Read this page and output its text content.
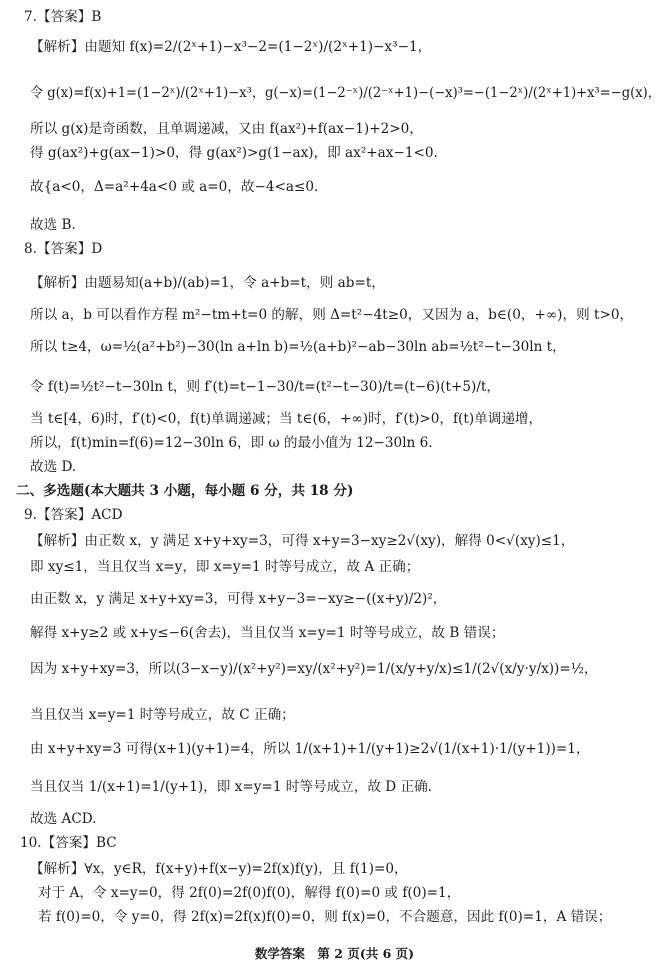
7.【答案】B
【解析】由题知 f(x)=2/(2ˣ+1)−x³−2=(1−2ˣ)/(2ˣ+1)−x³−1，
令 g(x)=f(x)+1=(1−2ˣ)/(2ˣ+1)−x³，g(−x)=(1−2⁻ˣ)/(2⁻ˣ+1)−(−x)³=−(1−2ˣ)/(2ˣ+1)+x³=−g(x)，
所以 g(x)是奇函数，且单调递减，又由 f(ax²)+f(ax−1)+2>0，
得 g(ax²)+g(ax−1)>0，得 g(ax²)>g(1−ax)，即 ax²+ax−1<0.
故{a<0，Δ=a²+4a<0 或 a=0，故−4<a≤0.
故选 B.
8.【答案】D
【解析】由题易知(a+b)/(ab)=1，令 a+b=t，则 ab=t，
所以 a，b 可以看作方程 m²−tm+t=0 的解，则 Δ=t²−4t≥0，又因为 a，b∈(0，+∞)，则 t>0，
所以 t≥4，ω=½(a²+b²)−30(ln a+ln b)=½(a+b)²−ab−30ln ab=½t²−t−30ln t，
令 f(t)=½t²−t−30ln t，则 f′(t)=t−1−30/t=(t²−t−30)/t=(t−6)(t+5)/t，
当 t∈[4，6)时，f′(t)<0，f(t)单调递减；当 t∈(6，+∞)时，f′(t)>0，f(t)单调递增，
所以，f(t)min=f(6)=12−30ln 6，即 ω 的最小值为 12−30ln 6.
故选 D.
二、多选题(本大题共 3 小题，每小题 6 分，共 18 分)
9.【答案】ACD
【解析】由正数 x，y 满足 x+y+xy=3，可得 x+y=3−xy≥2√(xy)，解得 0<√(xy)≤1，
即 xy≤1，当且仅当 x=y，即 x=y=1 时等号成立，故 A 正确；
由正数 x，y 满足 x+y+xy=3，可得 x+y−3=−xy≥−((x+y)/2)²，
解得 x+y≥2 或 x+y≤−6(舍去)，当且仅当 x=y=1 时等号成立，故 B 错误；
因为 x+y+xy=3，所以(3−x−y)/(x²+y²)=xy/(x²+y²)=1/(x/y+y/x)≤1/(2√(x/y·y/x))=½，
当且仅当 x=y=1 时等号成立，故 C 正确；
由 x+y+xy=3 可得(x+1)(y+1)=4，所以 1/(x+1)+1/(y+1)≥2√(1/(x+1)·1/(y+1))=1，
当且仅当 1/(x+1)=1/(y+1)，即 x=y=1 时等号成立，故 D 正确.
故选 ACD.
10.【答案】BC
【解析】∀x，y∈R，f(x+y)+f(x−y)=2f(x)f(y)，且 f(1)=0，
对于 A，令 x=y=0，得 2f(0)=2f(0)f(0)，解得 f(0)=0 或 f(0)=1，
若 f(0)=0，令 y=0，得 2f(x)=2f(x)f(0)=0，则 f(x)=0，不合题意，因此 f(0)=1，A 错误；
数学答案　第 2 页(共 6 页)
